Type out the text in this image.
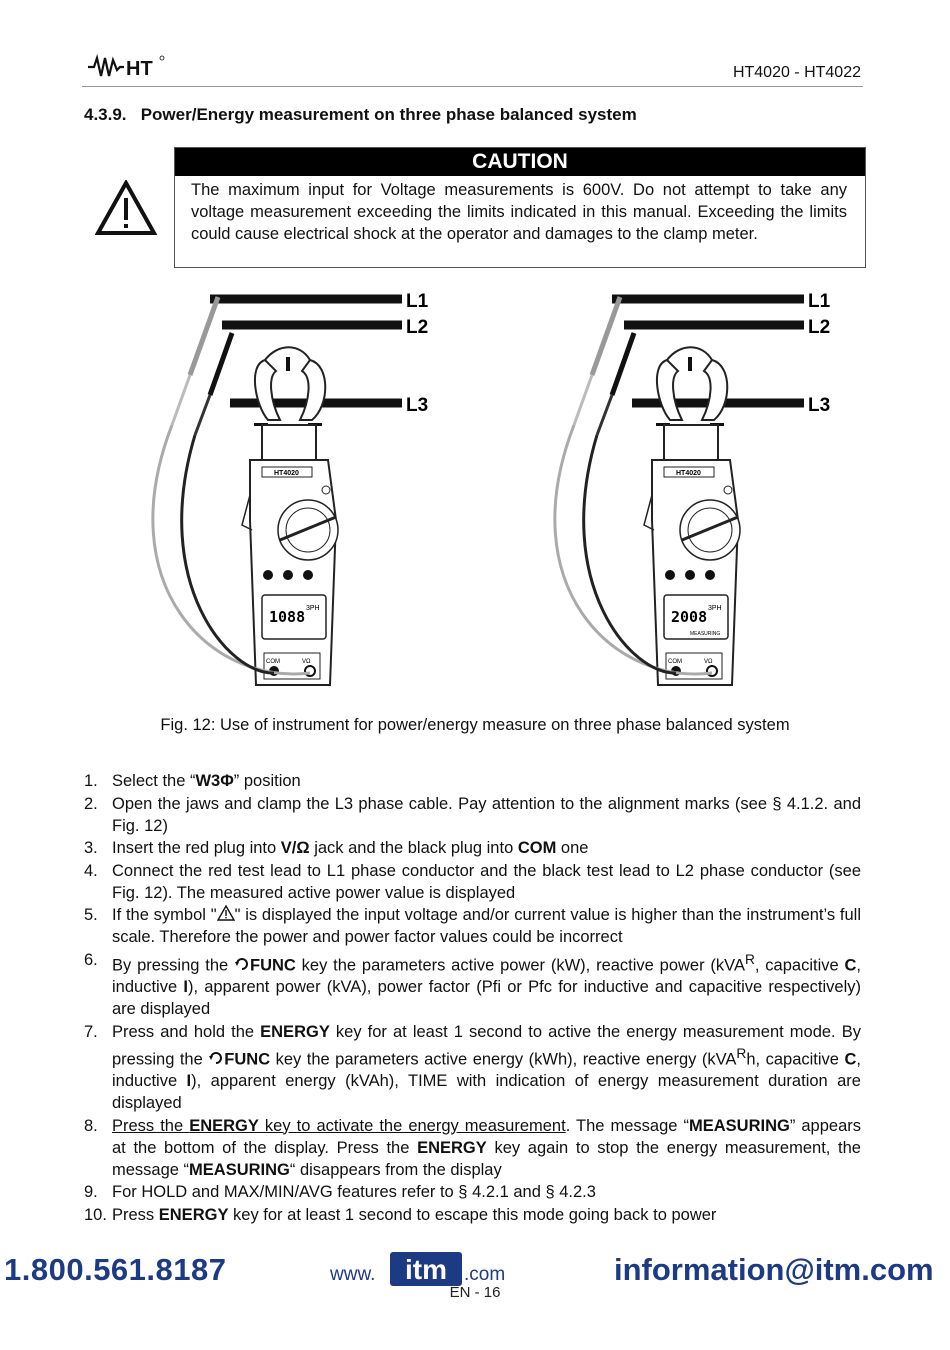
HT	HT4020 - HT4022
4.3.9.   Power/Energy measurement on three phase balanced system
CAUTION
The maximum input for Voltage measurements is 600V. Do not attempt to take any voltage measurement exceeding the limits indicated in this manual. Exceeding the limits could cause electrical shock at the operator and damages to the clamp meter.
L1
L2
L3
HT4020
1088 3PH
COM	VΩ
L1
L2
L3
HT4020
2008 3PH
MEASURING
COM	VΩ
Fig. 12: Use of instrument for power/energy measure on three phase balanced system
1. Select the “W3Φ” position
2. Open the jaws and clamp the L3 phase cable. Pay attention to the alignment marks (see § 4.1.2. and Fig. 12)
3. Insert the red plug into V/Ω jack and the black plug into COM one
4. Connect the red test lead to L1 phase conductor and the black test lead to L2 phase conductor (see Fig. 12). The measured active power value is displayed
5. If the symbol " " is displayed the input voltage and/or current value is higher than the instrument’s full scale. Therefore the power and power factor values could be incorrect
6. By pressing the FUNC key the parameters active power (kW), reactive power (kVA$^R$, capacitive C, inductive I), apparent power (kVA), power factor (Pfi or Pfc for inductive and capacitive respectively) are displayed
7. Press and hold the ENERGY key for at least 1 second to active the energy measurement mode. By pressing the FUNC key the parameters active energy (kWh), reactive energy (kVA$^R$h, capacitive C, inductive I), apparent energy (kVAh), TIME with indication of energy measurement duration are displayed
8. Press the ENERGY key to activate the energy measurement. The message “MEASURING” appears at the bottom of the display. Press the ENERGY key again to stop the energy measurement, the message “MEASURING“ disappears from the display
9. For HOLD and MAX/MIN/AVG features refer to § 4.2.1 and § 4.2.3
10. Press ENERGY key for at least 1 second to escape this mode going back to power
1.800.561.8187	www. itm .com	information@itm.com
EN - 16
